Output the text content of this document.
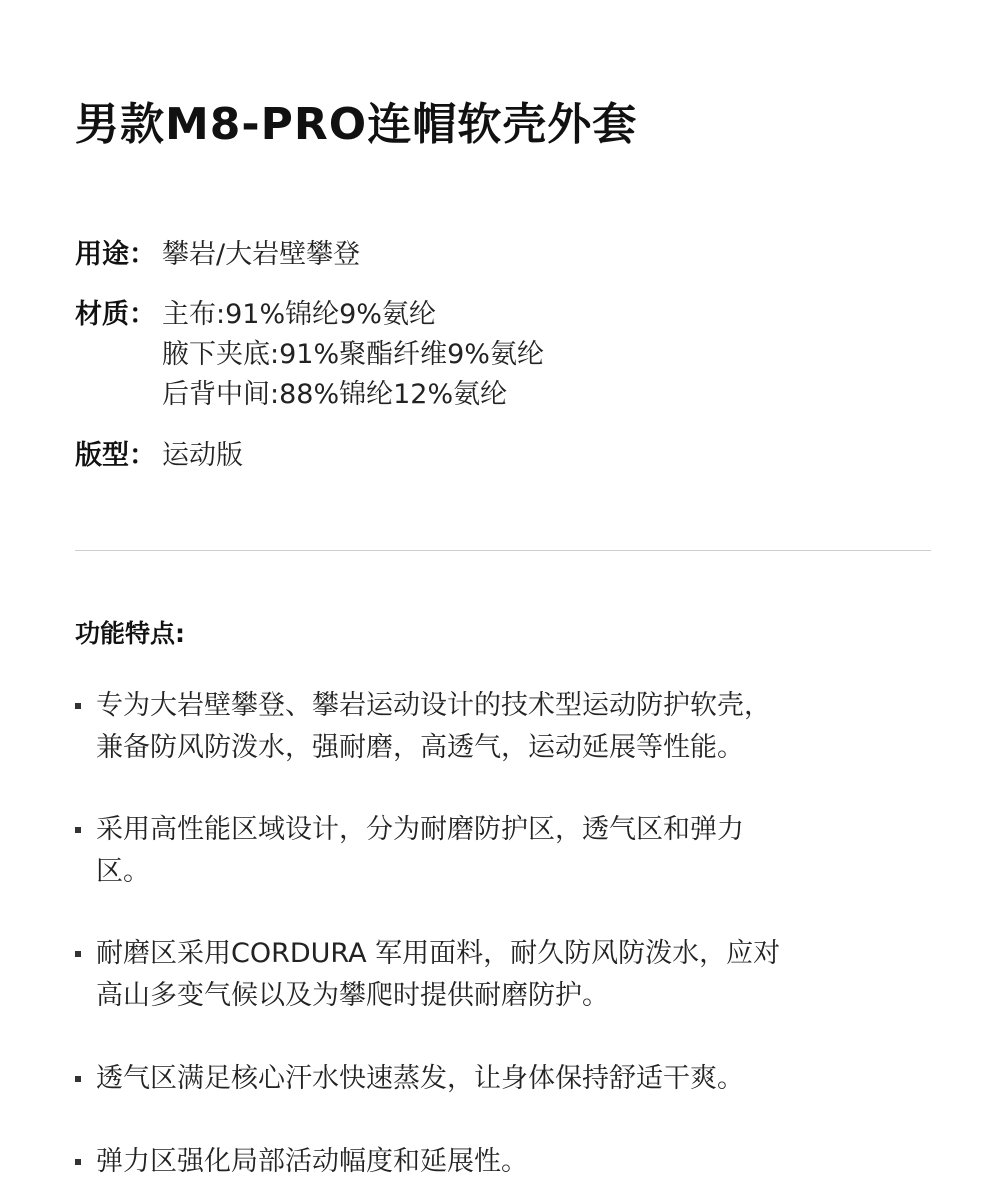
男款M8-PRO连帽软壳外套
用途： 攀岩/大岩壁攀登
材质： 主布:91%锦纶9%氨纶
腋下夹底:91%聚酯纤维9%氨纶
后背中间:88%锦纶12%氨纶
版型： 运动版
功能特点:
专为大岩壁攀登、攀岩运动设计的技术型运动防护软壳，
兼备防风防泼水，强耐磨，高透气，运动延展等性能。
采用高性能区域设计，分为耐磨防护区，透气区和弹力
区。
耐磨区采用CORDURA 军用面料，耐久防风防泼水，应对
高山多变气候以及为攀爬时提供耐磨防护。
透气区满足核心汗水快速蒸发，让身体保持舒适干爽。
弹力区强化局部活动幅度和延展性。
